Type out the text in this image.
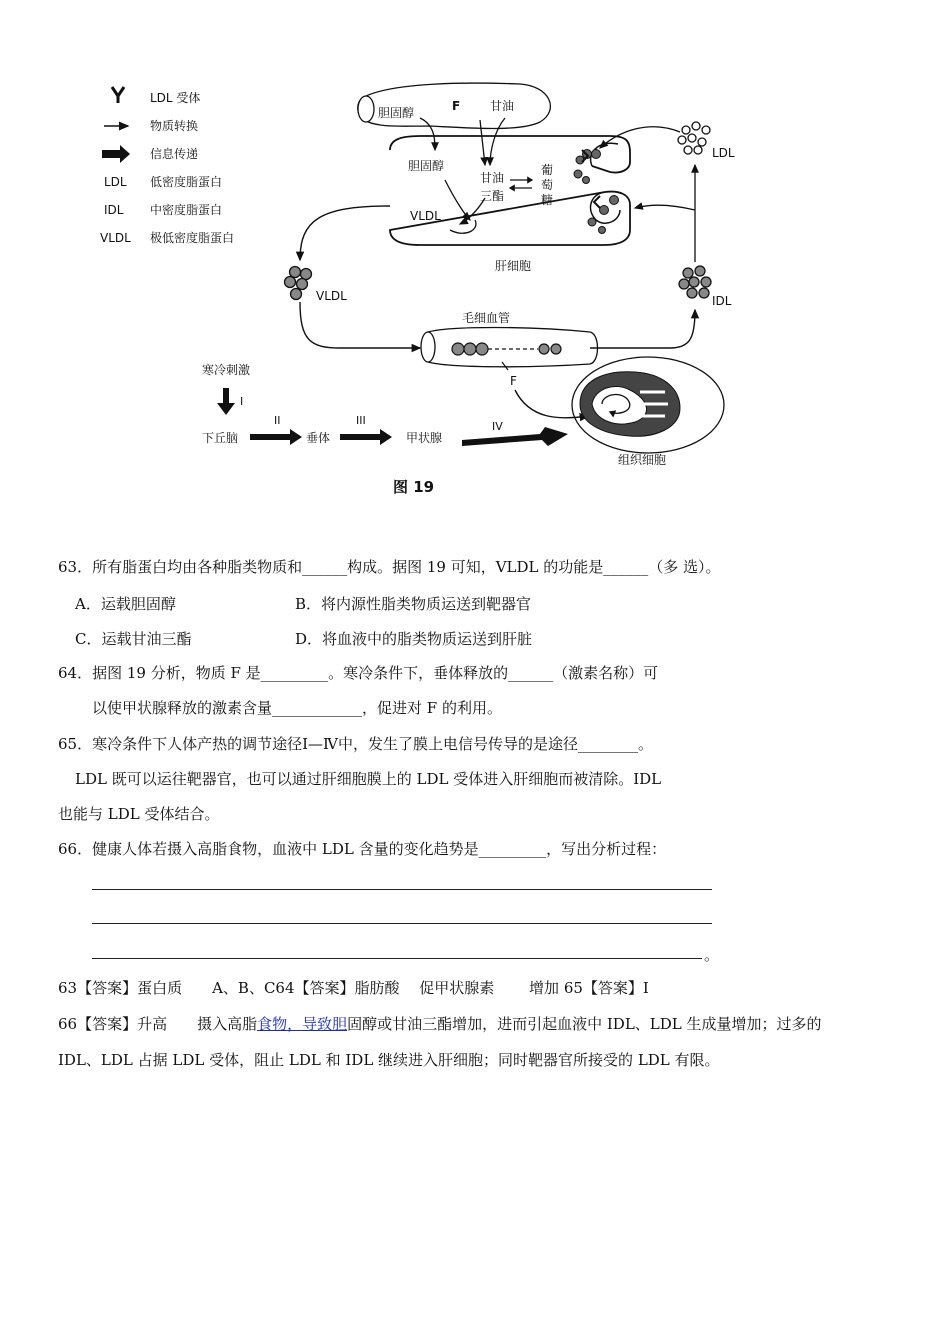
LDL 受体
物质转换
信息传递
LDL 低密度脂蛋白
IDL 中密度脂蛋白
VLDL 极低密度脂蛋白
胆固醇	F 甘油
胆固醇
甘油
三酯
葡
萄
糖
VLDL
肝细胞
LDL
IDL
VLDL
毛细血管
F
组织细胞
寒冷刺激
I
下丘脑
II
垂体
III
甲状腺
IV
图 19
63．所有脂蛋白均由各种脂类物质和______构成。据图 19 可知，VLDL 的功能是______（多 选）。
A．运载胆固醇	B．将内源性脂类物质运送到靶器官
C．运载甘油三酯	D．将血液中的脂类物质运送到肝脏
64．据图 19 分析，物质 F 是_________。寒冷条件下，垂体释放的______（激素名称）可
以使甲状腺释放的激素含量____________，促进对 F 的利用。
65．寒冷条件下人体产热的调节途径Ⅰ—Ⅳ中，发生了膜上电信号传导的是途径________。
LDL 既可以运往靶器官，也可以通过肝细胞膜上的 LDL 受体进入肝细胞而被清除。IDL
也能与 LDL 受体结合。
66．健康人体若摄入高脂食物，血液中 LDL 含量的变化趋势是_________，写出分析过程：
。
63【答案】蛋白质　　A、B、C64【答案】脂肪酸　 促甲状腺素　　 增加 65【答案】Ⅰ
66【答案】升高　　摄入高脂食物，导致胆固醇或甘油三酯增加，进而引起血液中 IDL、LDL 生成量增加；过多的
IDL、LDL 占据 LDL 受体，阻止 LDL 和 IDL 继续进入肝细胞；同时靶器官所接受的 LDL 有限。
